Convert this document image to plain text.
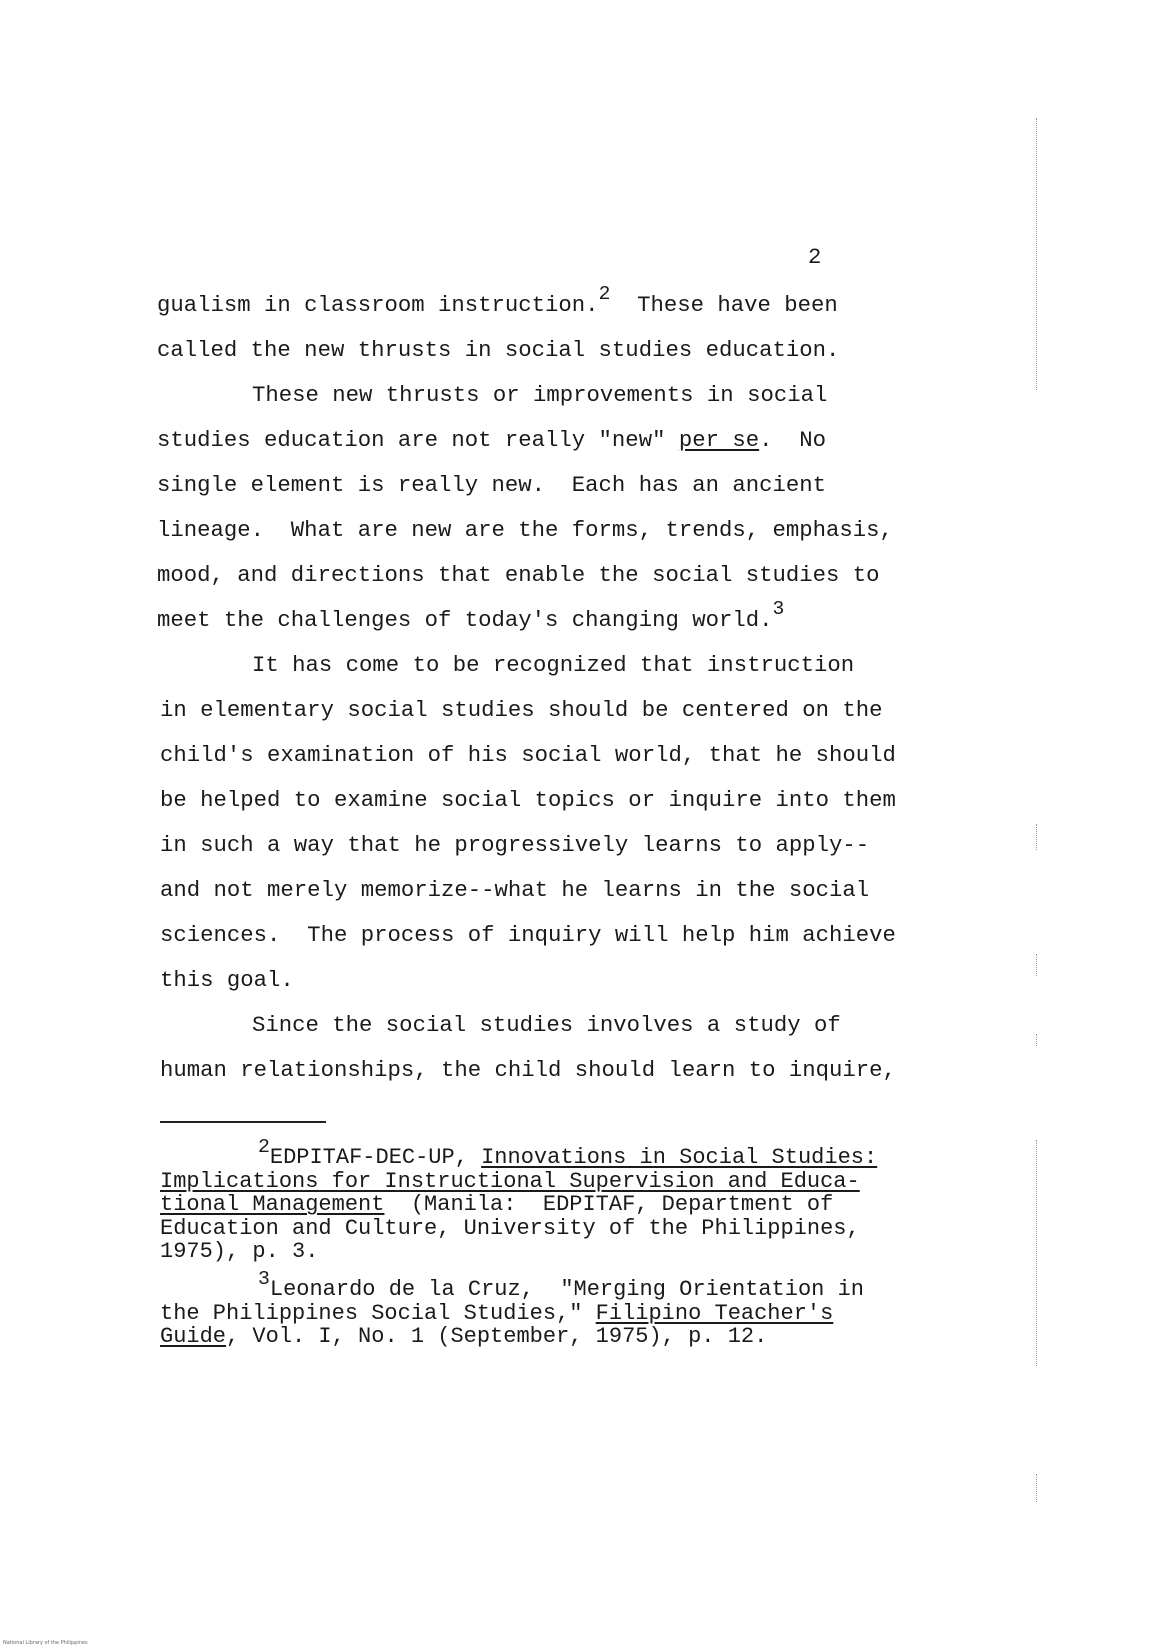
2
gualism in classroom instruction.2  These have been
called the new thrusts in social studies education.
These new thrusts or improvements in social
studies education are not really "new" per se.  No
single element is really new.  Each has an ancient
lineage.  What are new are the forms, trends, emphasis,
mood, and directions that enable the social studies to
meet the challenges of today's changing world.3
It has come to be recognized that instruction
in elementary social studies should be centered on the
child's examination of his social world, that he should
be helped to examine social topics or inquire into them
in such a way that he progressively learns to apply--
and not merely memorize--what he learns in the social
sciences.  The process of inquiry will help him achieve
this goal.
Since the social studies involves a study of
human relationships, the child should learn to inquire,
2EDPITAF-DEC-UP, Innovations in Social Studies:
Implications for Instructional Supervision and Educa-
tional Management  (Manila:  EDPITAF, Department of
Education and Culture, University of the Philippines,
1975), p. 3.
3Leonardo de la Cruz,  "Merging Orientation in
the Philippines Social Studies," Filipino Teacher's
Guide, Vol. I, No. 1 (September, 1975), p. 12.
National Library of the Philippines
